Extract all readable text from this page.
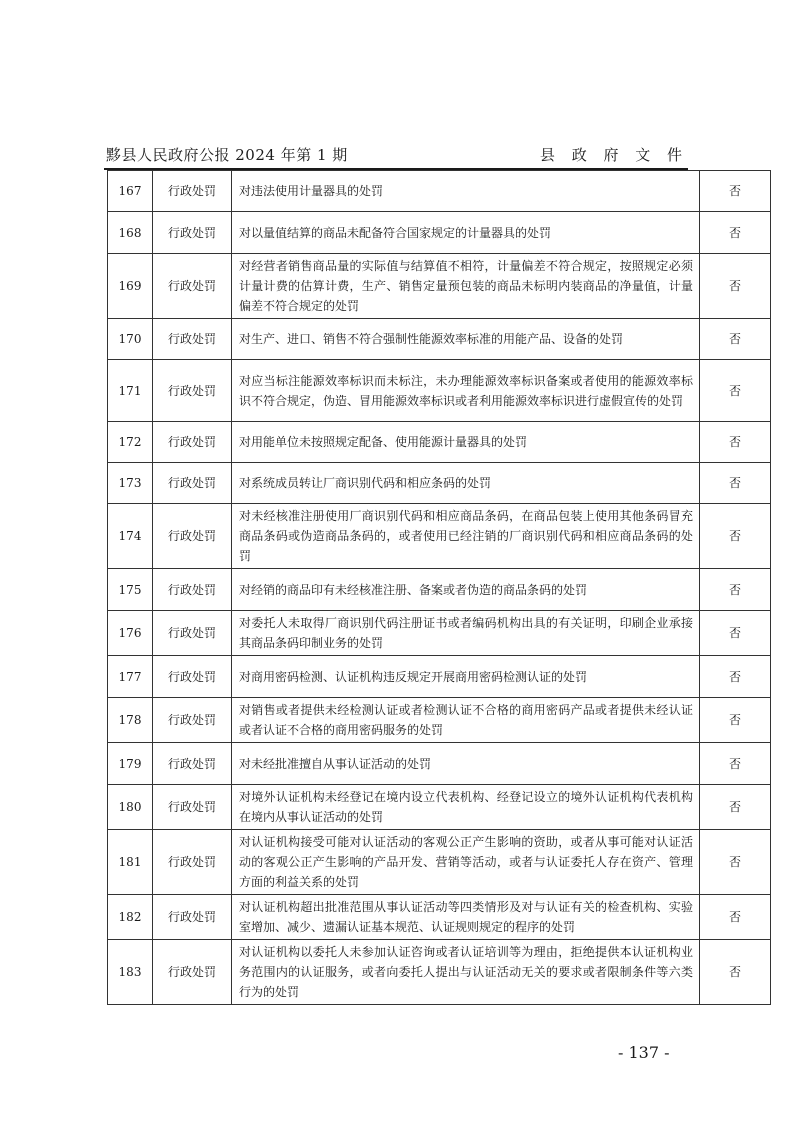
黟县人民政府公报 2024 年第 1 期	县 政 府 文 件
167	行政处罚	对违法使用计量器具的处罚	否
168	行政处罚	对以量值结算的商品未配备符合国家规定的计量器具的处罚	否
169	行政处罚	对经营者销售商品量的实际值与结算值不相符，计量偏差不符合规定，按照规定必须计量计费的估算计费，生产、销售定量预包装的商品未标明内装商品的净量值，计量偏差不符合规定的处罚	否
170	行政处罚	对生产、进口、销售不符合强制性能源效率标准的用能产品、设备的处罚	否
171	行政处罚	对应当标注能源效率标识而未标注，未办理能源效率标识备案或者使用的能源效率标识不符合规定，伪造、冒用能源效率标识或者利用能源效率标识进行虚假宣传的处罚	否
172	行政处罚	对用能单位未按照规定配备、使用能源计量器具的处罚	否
173	行政处罚	对系统成员转让厂商识别代码和相应条码的处罚	否
174	行政处罚	对未经核准注册使用厂商识别代码和相应商品条码，在商品包装上使用其他条码冒充商品条码或伪造商品条码的，或者使用已经注销的厂商识别代码和相应商品条码的处罚	否
175	行政处罚	对经销的商品印有未经核准注册、备案或者伪造的商品条码的处罚	否
176	行政处罚	对委托人未取得厂商识别代码注册证书或者编码机构出具的有关证明，印刷企业承接其商品条码印制业务的处罚	否
177	行政处罚	对商用密码检测、认证机构违反规定开展商用密码检测认证的处罚	否
178	行政处罚	对销售或者提供未经检测认证或者检测认证不合格的商用密码产品或者提供未经认证或者认证不合格的商用密码服务的处罚	否
179	行政处罚	对未经批准擅自从事认证活动的处罚	否
180	行政处罚	对境外认证机构未经登记在境内设立代表机构、经登记设立的境外认证机构代表机构在境内从事认证活动的处罚	否
181	行政处罚	对认证机构接受可能对认证活动的客观公正产生影响的资助，或者从事可能对认证活动的客观公正产生影响的产品开发、营销等活动，或者与认证委托人存在资产、管理方面的利益关系的处罚	否
182	行政处罚	对认证机构超出批准范围从事认证活动等四类情形及对与认证有关的检查机构、实验室增加、减少、遗漏认证基本规范、认证规则规定的程序的处罚	否
183	行政处罚	对认证机构以委托人未参加认证咨询或者认证培训等为理由，拒绝提供本认证机构业务范围内的认证服务，或者向委托人提出与认证活动无关的要求或者限制条件等六类行为的处罚	否
- 137 -
